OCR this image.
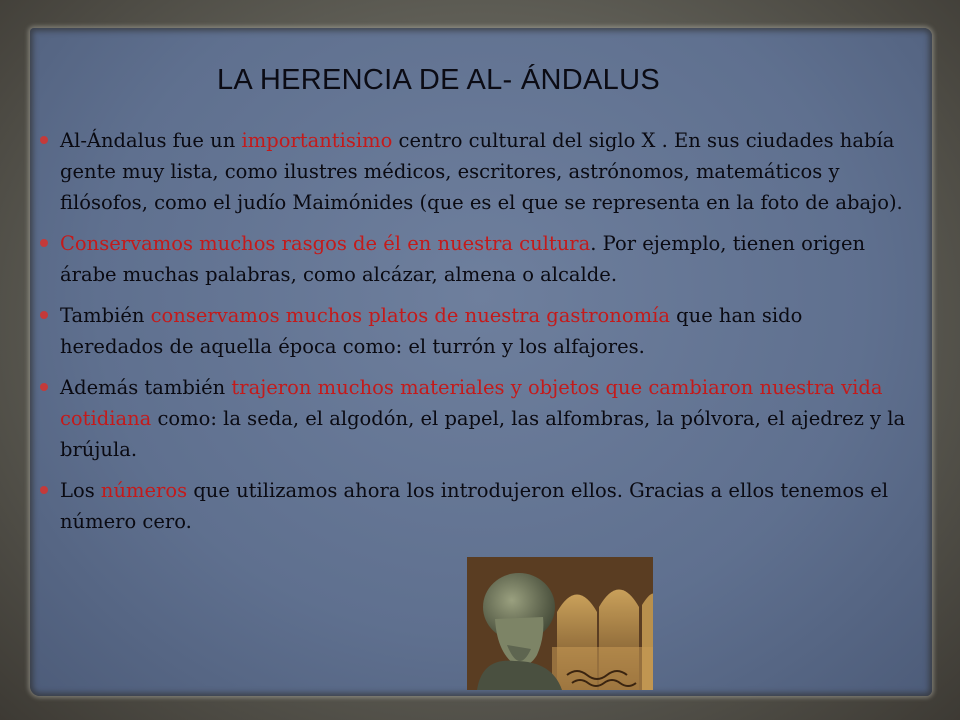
LA HERENCIA DE AL- ÁNDALUS
Al-Ándalus fue un importantisimo centro cultural del siglo X . En sus ciudades había gente muy lista, como ilustres médicos, escritores, astrónomos, matemáticos y filósofos, como el judío Maimónides (que es el que se representa en la foto de abajo).
Conservamos muchos rasgos de él en nuestra cultura. Por ejemplo, tienen origen árabe muchas palabras, como alcázar, almena o alcalde.
También conservamos muchos platos de nuestra gastronomía que han sido heredados de aquella época como: el turrón y los alfajores.
Además también trajeron muchos materiales y objetos que cambiaron nuestra vida cotidiana como: la seda, el algodón, el papel, las alfombras, la pólvora, el ajedrez y la brújula.
Los números que utilizamos ahora los introdujeron ellos. Gracias a ellos tenemos el número cero.
